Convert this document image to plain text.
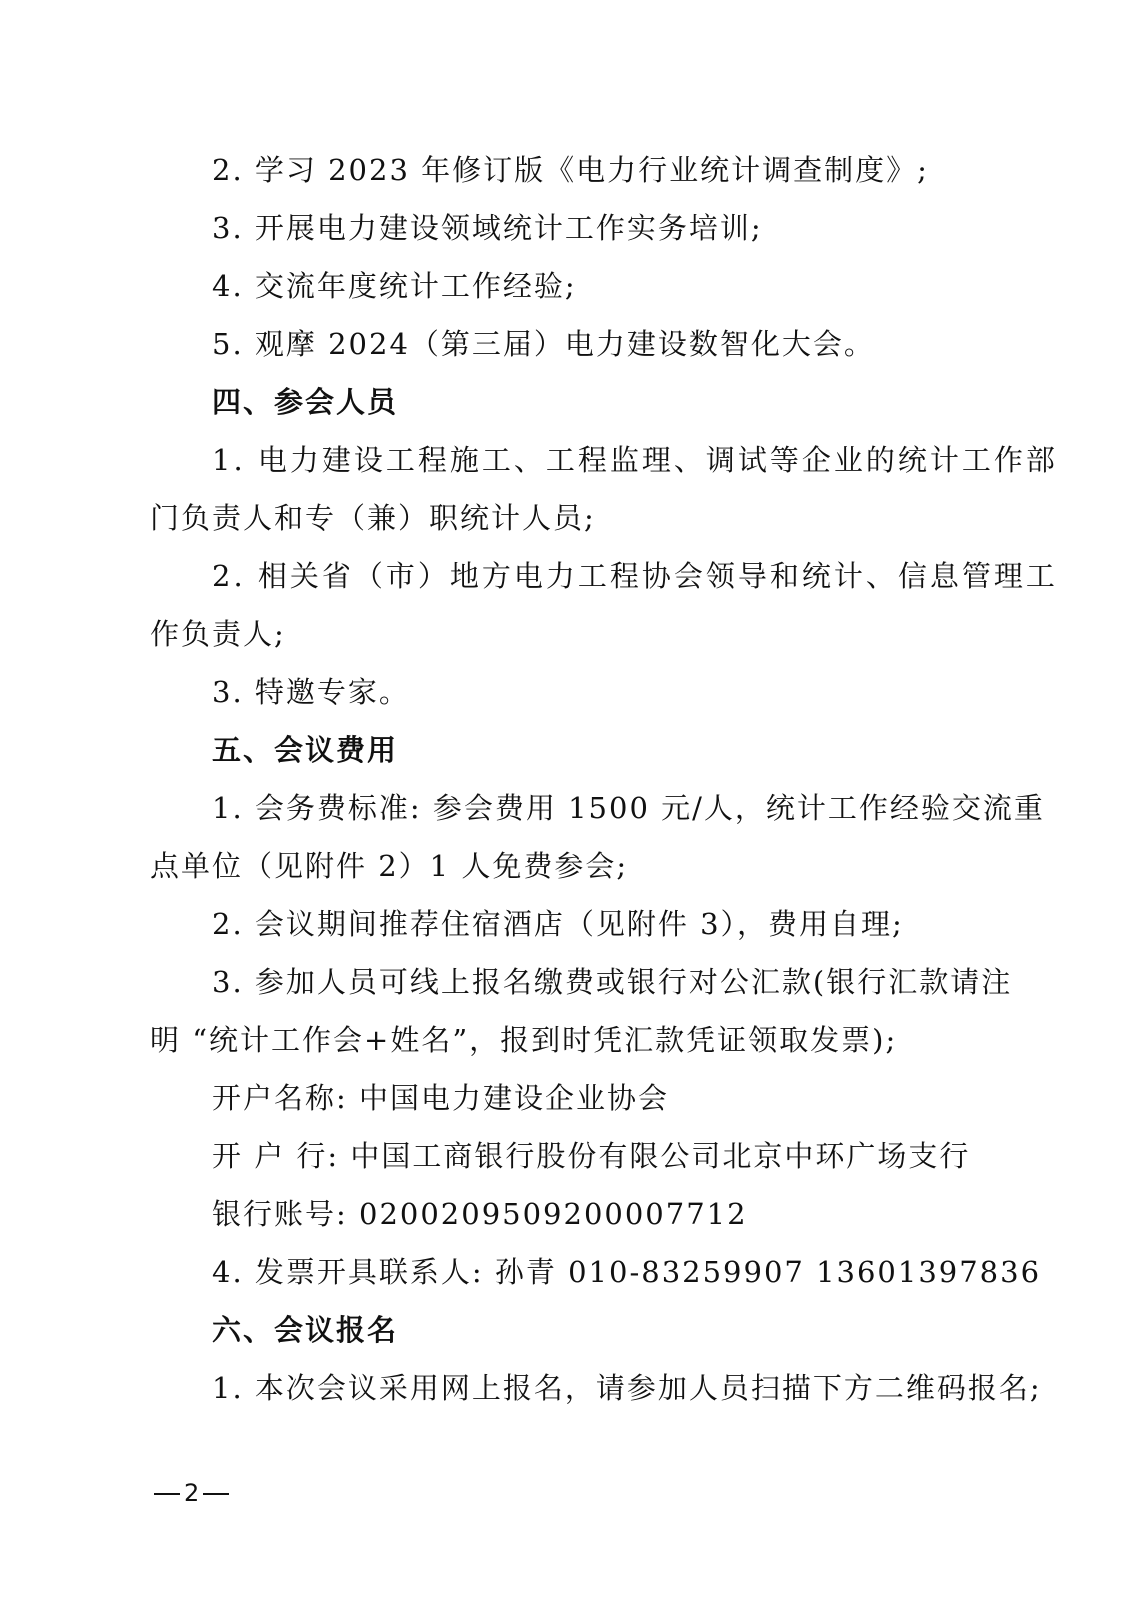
2. 学习 2023 年修订版《电力行业统计调查制度》;
3. 开展电力建设领域统计工作实务培训;
4. 交流年度统计工作经验;
5. 观摩 2024（第三届）电力建设数智化大会。
四、参会人员
1. 电力建设工程施工、工程监理、调试等企业的统计工作部
门负责人和专（兼）职统计人员;
2. 相关省（市）地方电力工程协会领导和统计、信息管理工
作负责人;
3. 特邀专家。
五、会议费用
1. 会务费标准: 参会费用 1500 元/人，统计工作经验交流重
点单位（见附件 2）1 人免费参会;
2. 会议期间推荐住宿酒店（见附件 3），费用自理;
3. 参加人员可线上报名缴费或银行对公汇款(银行汇款请注
明 “统计工作会+姓名”，报到时凭汇款凭证领取发票);
开户名称: 中国电力建设企业协会
开 户 行: 中国工商银行股份有限公司北京中环广场支行
银行账号: 0200209509200007712
4. 发票开具联系人: 孙青 010-83259907 13601397836
六、会议报名
1. 本次会议采用网上报名，请参加人员扫描下方二维码报名;
2
